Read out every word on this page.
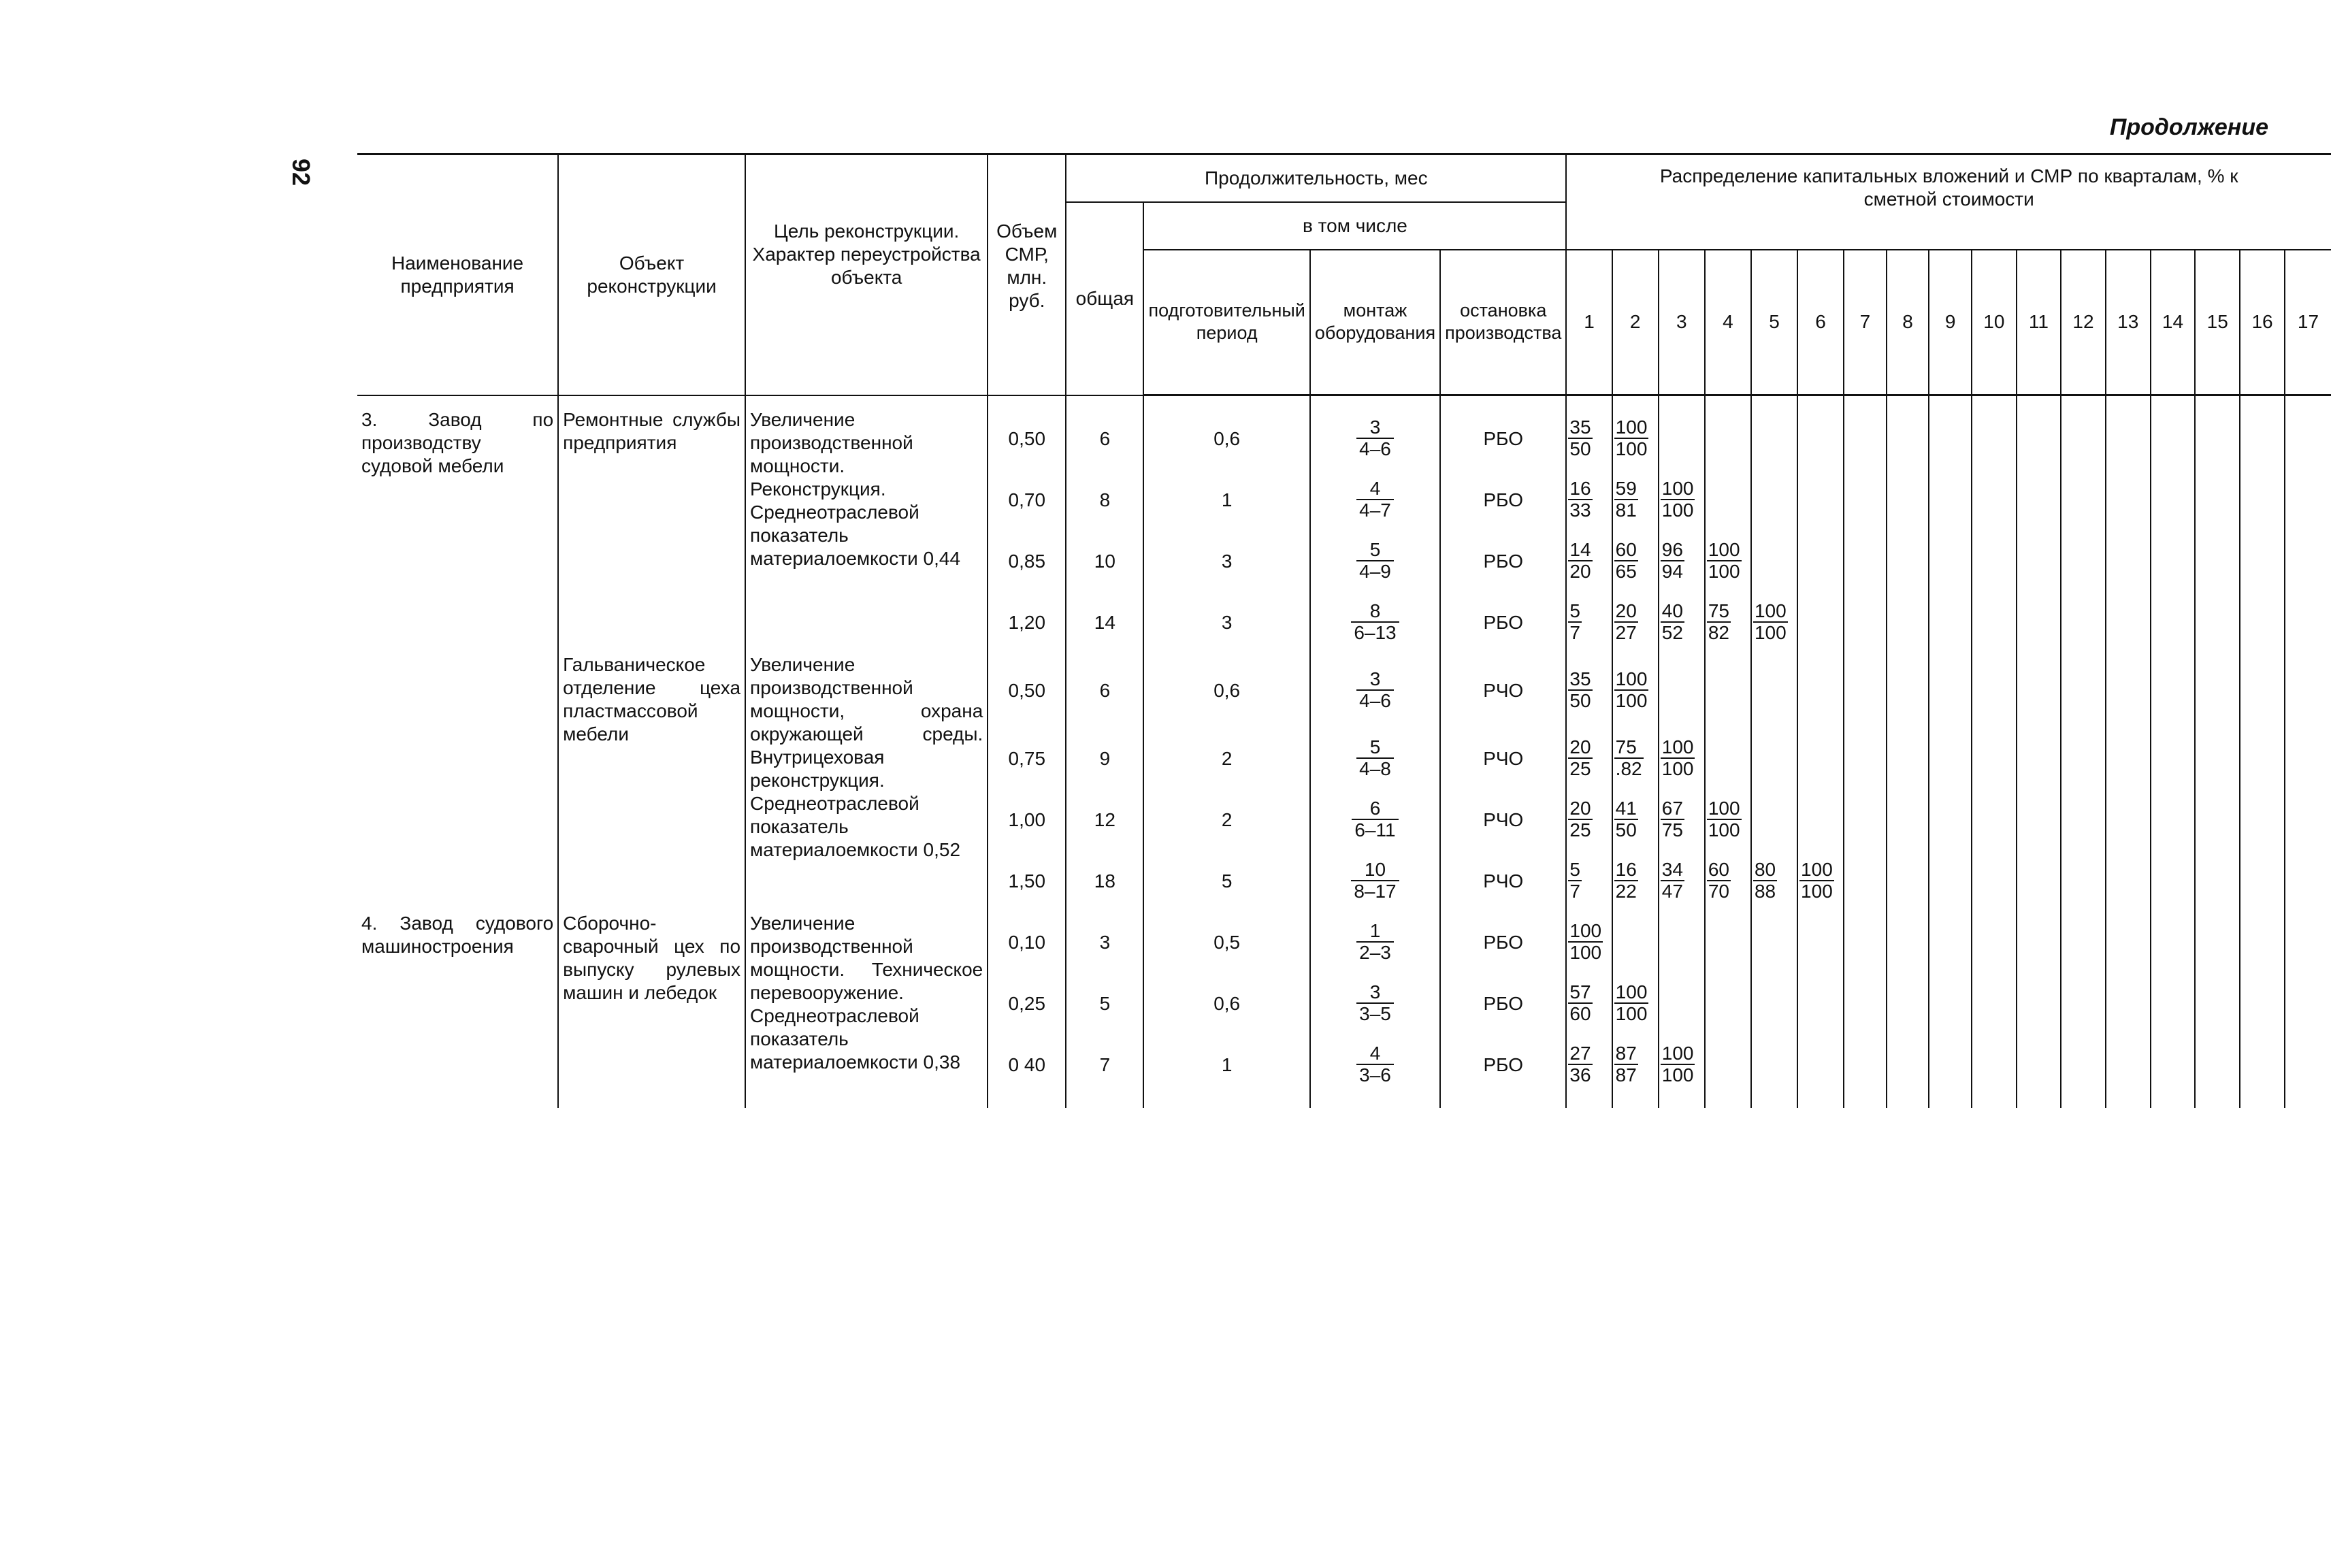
92
Продолжение
Наименование предприятия	Объект реконструкции	Цель реконструкции. Характер переустройства объекта	Объем СМР, млн. руб.	Продолжительность, мес				Распределение капитальных вложений и СМР по кварталам, % к сметной стоимости																
				общая	в том числе																			
					подготовительный период	монтаж оборудования	остановка производства	1	2	3	4	5	6	7	8	9	10	11	12	13	14	15	16	17

3. Завод по производству судовой мебели	Ремонтные службы предприятия	Увеличение производственной мощности. Реконструкция. Среднеотраслевой показатель материалоемкости 0,44	0,50	6	0,6	$\frac{3}{4-6}$	РБО	$\frac{35}{50}$	$\frac{100}{100}$

			0,70	8	1	$\frac{4}{4-7}$	РБО	$\frac{16}{33}$	$\frac{59}{81}$	$\frac{100}{100}$

			0,85	10	3	$\frac{5}{4-9}$	РБО	$\frac{14}{20}$	$\frac{60}{65}$	$\frac{96}{94}$	$\frac{100}{100}$

			1,20	14	3	$\frac{8}{6-13}$	РБО	$\frac{5}{7}$	$\frac{20}{27}$	$\frac{40}{52}$	$\frac{75}{82}$	$\frac{100}{100}$

	Гальваническое отделение цеха пластмассовой мебели	Увеличение производственной мощности, охрана окружающей среды. Внутрицеховая реконструкция. Среднеотраслевой показатель материалоемкости 0,52	0,50	6	0,6	$\frac{3}{4-6}$	РЧО	$\frac{35}{50}$	$\frac{100}{100}$

			0,75	9	2	$\frac{5}{4-8}$	РЧО	$\frac{20}{25}$	$\frac{75}{.82}$	$\frac{100}{100}$

			1,00	12	2	$\frac{6}{6-11}$	РЧО	$\frac{20}{25}$	$\frac{41}{50}$	$\frac{67}{75}$	$\frac{100}{100}$

			1,50	18	5	$\frac{10}{8-17}$	РЧО	$\frac{5}{7}$	$\frac{16}{22}$	$\frac{34}{47}$	$\frac{60}{70}$	$\frac{80}{88}$	$\frac{100}{100}$

4. Завод судового машиностроения	Сборочно-сварочный цех по выпуску рулевых машин и лебедок	Увеличение производственной мощности. Техническое перевооружение. Среднеотраслевой показатель материалоемкости 0,38	0,10	3	0,5	$\frac{1}{2-3}$	РБО	$\frac{100}{100}$

			0,25	5	0,6	$\frac{3}{3-5}$	РБО	$\frac{57}{60}$	$\frac{100}{100}$

			0 40	7	1	$\frac{4}{3-6}$	РБО	$\frac{27}{36}$	$\frac{87}{87}$	$\frac{100}{100}$
